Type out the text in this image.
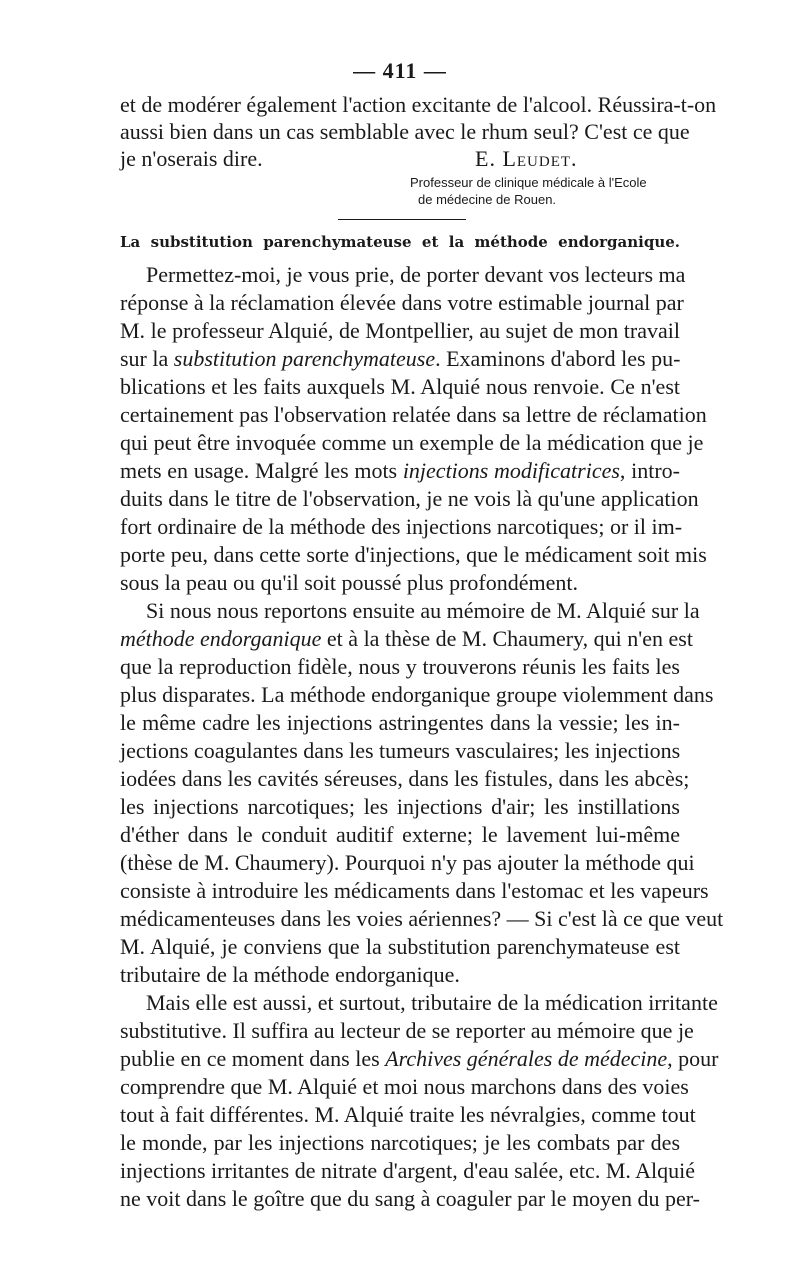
— 411 —
et de modérer également l'action excitante de l'alcool. Réussira-t-on
aussi bien dans un cas semblable avec le rhum seul? C'est ce que
je n'oserais dire.	E. Leudet.
Professeur de clinique médicale à l'Ecole
de médecine de Rouen.
La substitution parenchymateuse et la méthode endorganique.
Permettez-moi, je vous prie, de porter devant vos lecteurs ma
réponse à la réclamation élevée dans votre estimable journal par
M. le professeur Alquié, de Montpellier, au sujet de mon travail
sur la substitution parenchymateuse. Examinons d'abord les pu-
blications et les faits auxquels M. Alquié nous renvoie. Ce n'est
certainement pas l'observation relatée dans sa lettre de réclamation
qui peut être invoquée comme un exemple de la médication que je
mets en usage. Malgré les mots injections modificatrices, intro-
duits dans le titre de l'observation, je ne vois là qu'une application
fort ordinaire de la méthode des injections narcotiques; or il im-
porte peu, dans cette sorte d'injections, que le médicament soit mis
sous la peau ou qu'il soit poussé plus profondément.
Si nous nous reportons ensuite au mémoire de M. Alquié sur la
méthode endorganique et à la thèse de M. Chaumery, qui n'en est
que la reproduction fidèle, nous y trouverons réunis les faits les
plus disparates. La méthode endorganique groupe violemment dans
le même cadre les injections astringentes dans la vessie; les in-
jections coagulantes dans les tumeurs vasculaires; les injections
iodées dans les cavités séreuses, dans les fistules, dans les abcès;
les injections narcotiques; les injections d'air; les instillations
d'éther dans le conduit auditif externe; le lavement lui-même
(thèse de M. Chaumery). Pourquoi n'y pas ajouter la méthode qui
consiste à introduire les médicaments dans l'estomac et les vapeurs
médicamenteuses dans les voies aériennes? — Si c'est là ce que veut
M. Alquié, je conviens que la substitution parenchymateuse est
tributaire de la méthode endorganique.
Mais elle est aussi, et surtout, tributaire de la médication irritante
substitutive. Il suffira au lecteur de se reporter au mémoire que je
publie en ce moment dans les Archives générales de médecine, pour
comprendre que M. Alquié et moi nous marchons dans des voies
tout à fait différentes. M. Alquié traite les névralgies, comme tout
le monde, par les injections narcotiques; je les combats par des
injections irritantes de nitrate d'argent, d'eau salée, etc. M. Alquié
ne voit dans le goître que du sang à coaguler par le moyen du per-
